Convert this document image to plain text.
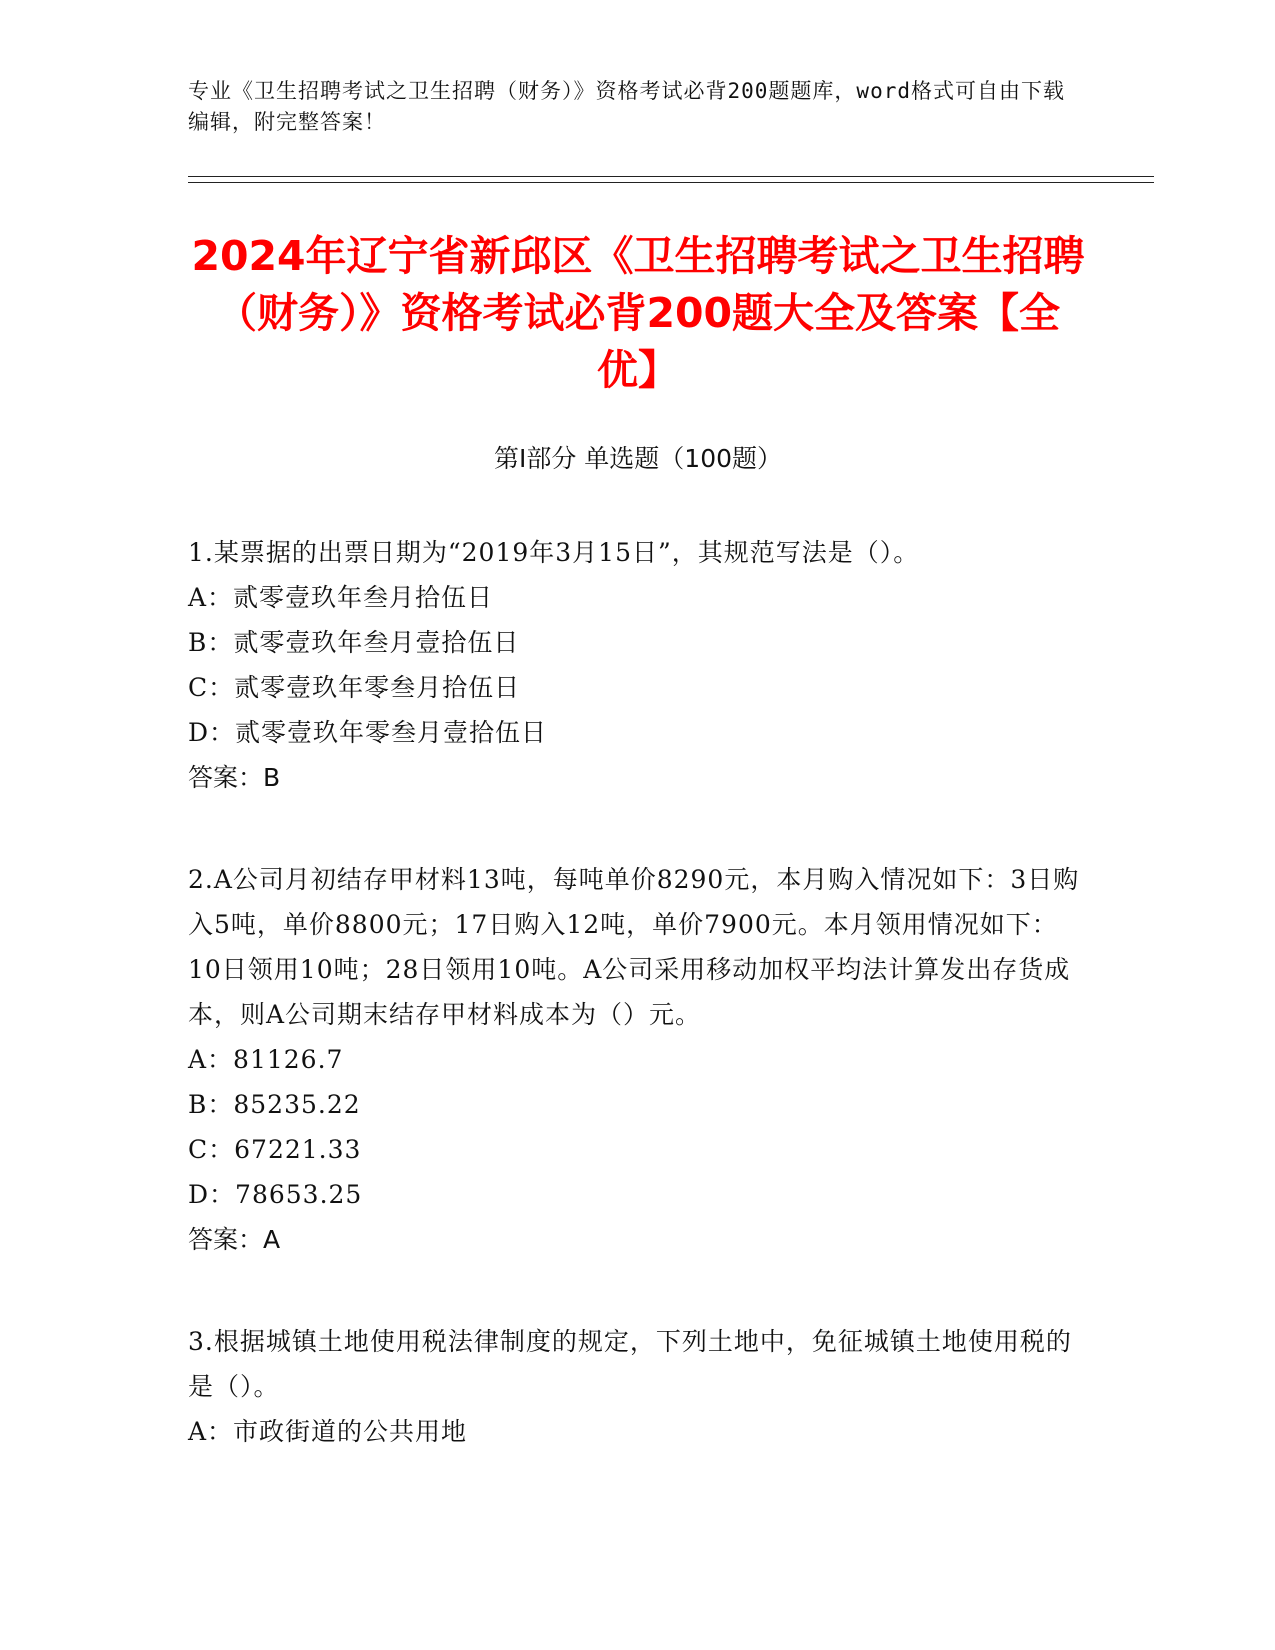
专业《卫生招聘考试之卫生招聘（财务）》资格考试必背200题题库，word格式可自由下载编辑，附完整答案！
2024年辽宁省新邱区《卫生招聘考试之卫生招聘（财务）》资格考试必背200题大全及答案【全优】
第I部分 单选题（100题）
1.某票据的出票日期为“2019年3月15日”，其规范写法是（）。
A：贰零壹玖年叁月拾伍日
B：贰零壹玖年叁月壹拾伍日
C：贰零壹玖年零叁月拾伍日
D：贰零壹玖年零叁月壹拾伍日
答案：B
2.A公司月初结存甲材料13吨，每吨单价8290元，本月购入情况如下：3日购入5吨，单价8800元；17日购入12吨，单价7900元。本月领用情况如下：10日领用10吨；28日领用10吨。A公司采用移动加权平均法计算发出存货成本，则A公司期末结存甲材料成本为（）元。
A：81126.7
B：85235.22
C：67221.33
D：78653.25
答案：A
3.根据城镇土地使用税法律制度的规定，下列土地中，免征城镇土地使用税的是（）。
A：市政街道的公共用地
